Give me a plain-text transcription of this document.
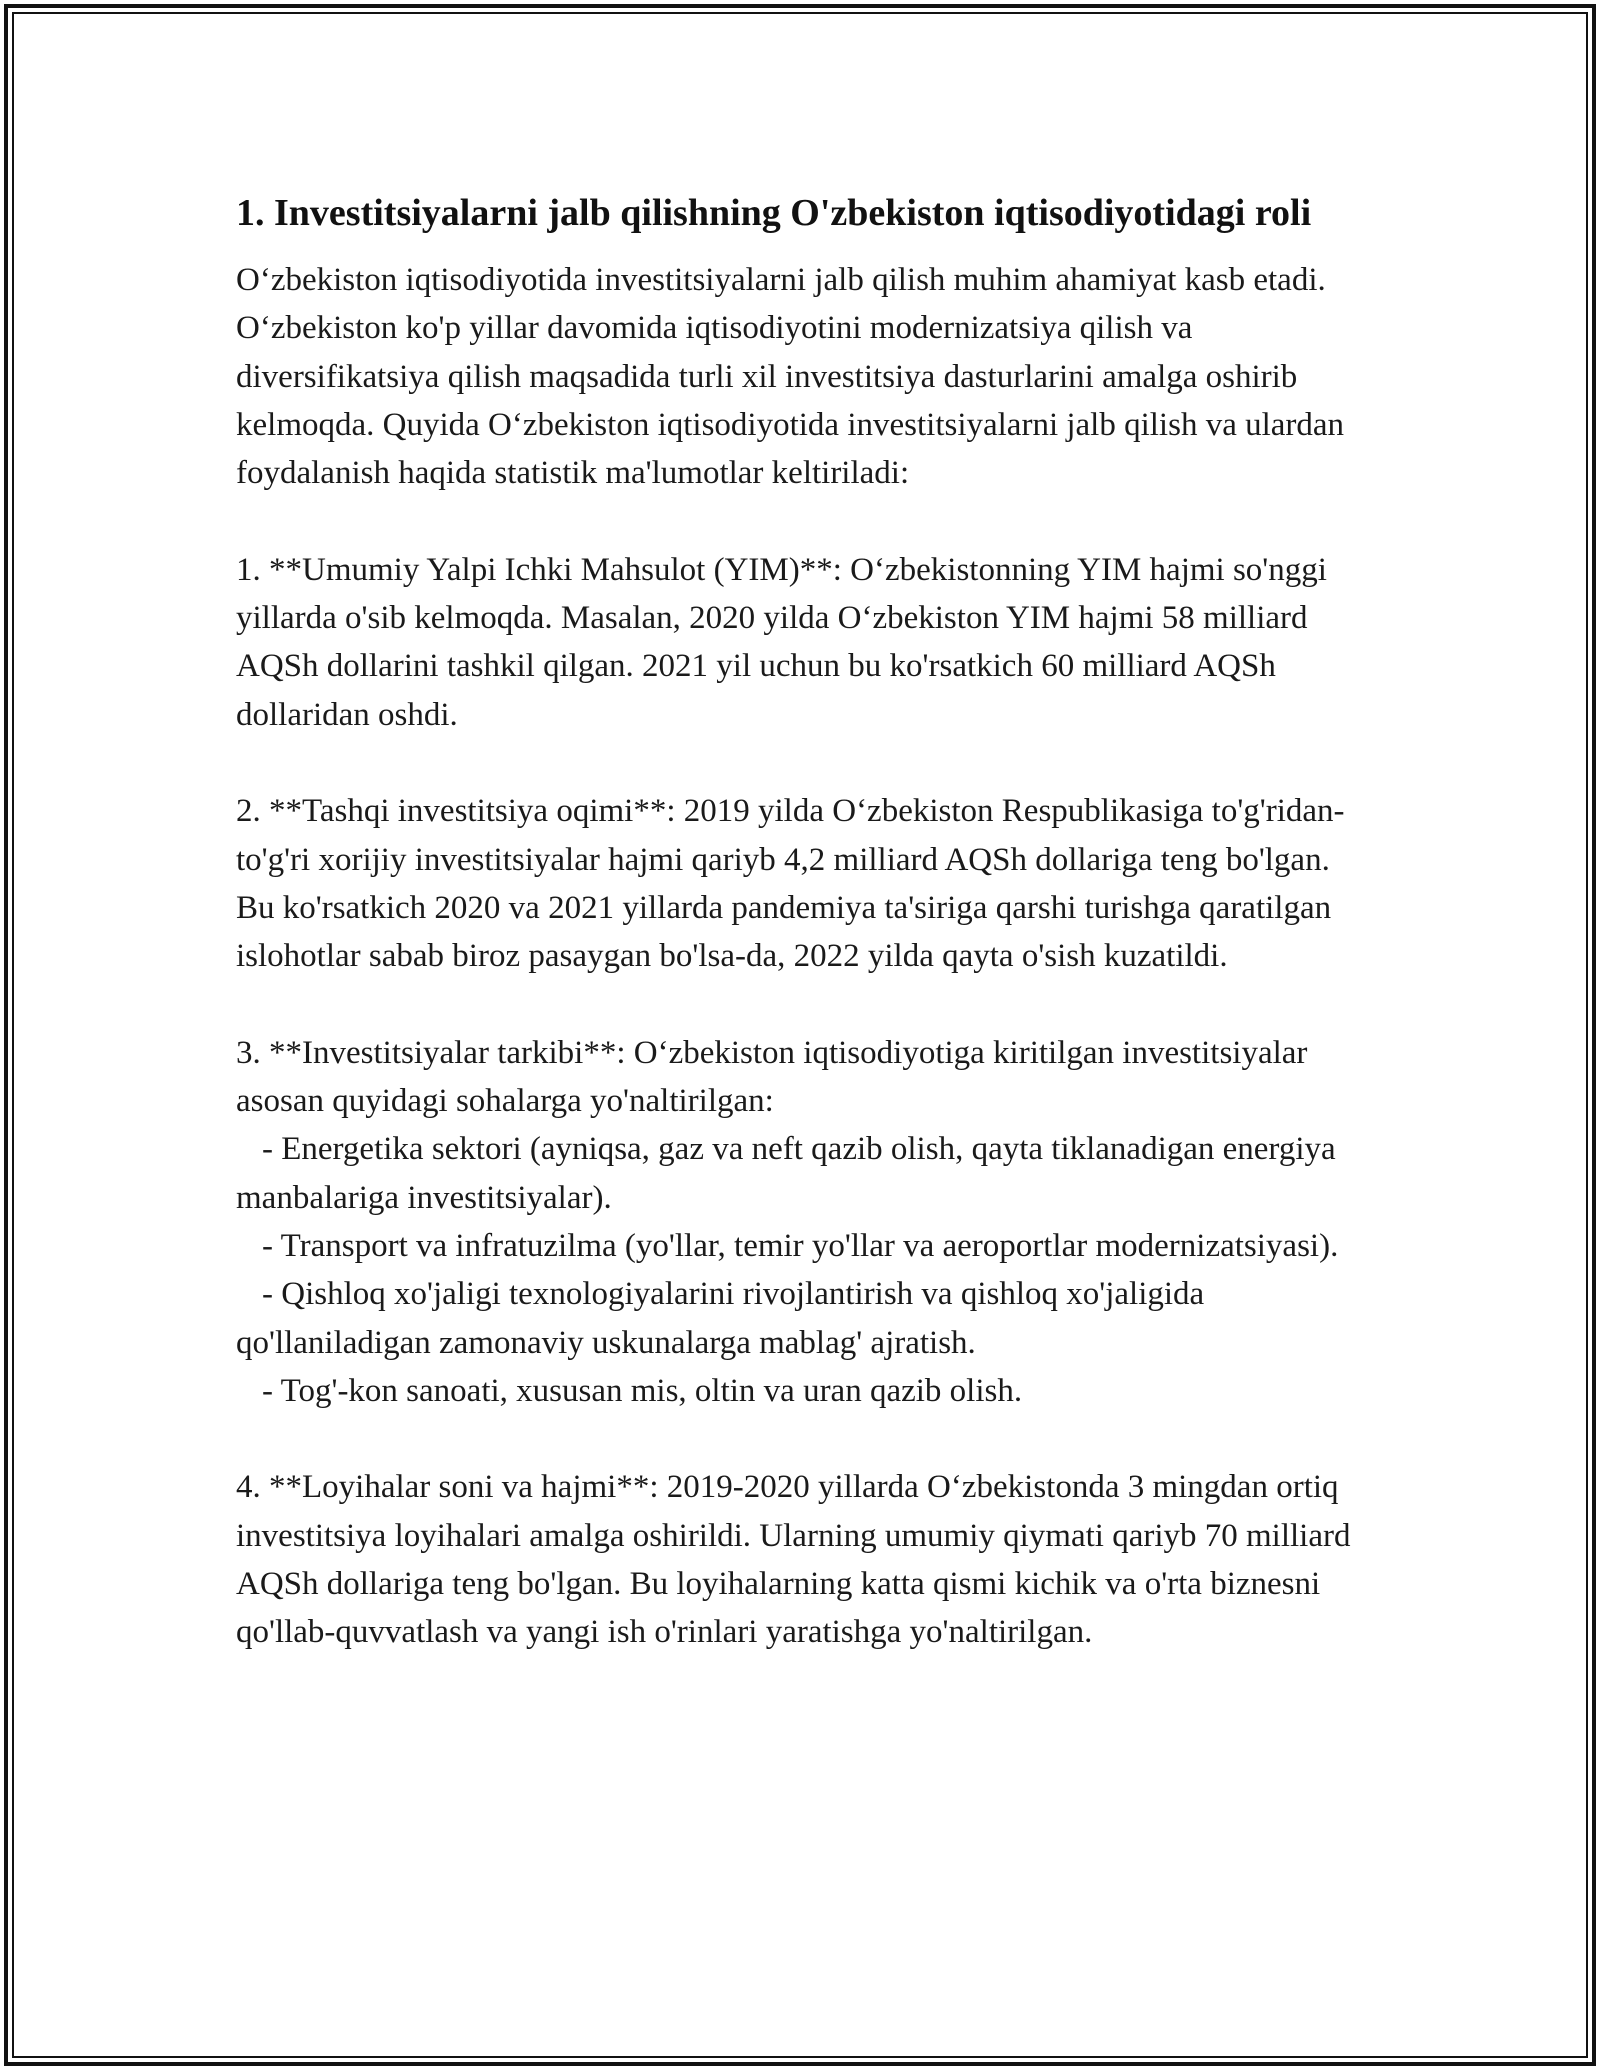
1. Investitsiyalarni jalb qilishning O'zbekiston iqtisodiyotidagi roli

O‘zbekiston iqtisodiyotida investitsiyalarni jalb qilish muhim ahamiyat kasb etadi. O‘zbekiston ko'p yillar davomida iqtisodiyotini modernizatsiya qilish va diversifikatsiya qilish maqsadida turli xil investitsiya dasturlarini amalga oshirib kelmoqda. Quyida O‘zbekiston iqtisodiyotida investitsiyalarni jalb qilish va ulardan foydalanish haqida statistik ma'lumotlar keltiriladi:

1. **Umumiy Yalpi Ichki Mahsulot (YIM)**: O‘zbekistonning YIM hajmi so'nggi yillarda o'sib kelmoqda. Masalan, 2020 yilda O‘zbekiston YIM hajmi 58 milliard AQSh dollarini tashkil qilgan. 2021 yil uchun bu ko'rsatkich 60 milliard AQSh dollaridan oshdi.

2. **Tashqi investitsiya oqimi**: 2019 yilda O‘zbekiston Respublikasiga to'g'ridan-to'g'ri xorijiy investitsiyalar hajmi qariyb 4,2 milliard AQSh dollariga teng bo'lgan. Bu ko'rsatkich 2020 va 2021 yillarda pandemiya ta'siriga qarshi turishga qaratilgan islohotlar sabab biroz pasaygan bo'lsa-da, 2022 yilda qayta o'sish kuzatildi.

3. **Investitsiyalar tarkibi**: O‘zbekiston iqtisodiyotiga kiritilgan investitsiyalar asosan quyidagi sohalarga yo'naltirilgan:

- Energetika sektori (ayniqsa, gaz va neft qazib olish, qayta tiklanadigan energiya manbalariga investitsiyalar).

- Transport va infratuzilma (yo'llar, temir yo'llar va aeroportlar modernizatsiyasi).

- Qishloq xo'jaligi texnologiyalarini rivojlantirish va qishloq xo'jaligida qo'llaniladigan zamonaviy uskunalarga mablag' ajratish.

- Tog'-kon sanoati, xususan mis, oltin va uran qazib olish.

4. **Loyihalar soni va hajmi**: 2019-2020 yillarda O‘zbekistonda 3 mingdan ortiq investitsiya loyihalari amalga oshirildi. Ularning umumiy qiymati qariyb 70 milliard AQSh dollariga teng bo'lgan. Bu loyihalarning katta qismi kichik va o'rta biznesni qo'llab-quvvatlash va yangi ish o'rinlari yaratishga yo'naltirilgan.
